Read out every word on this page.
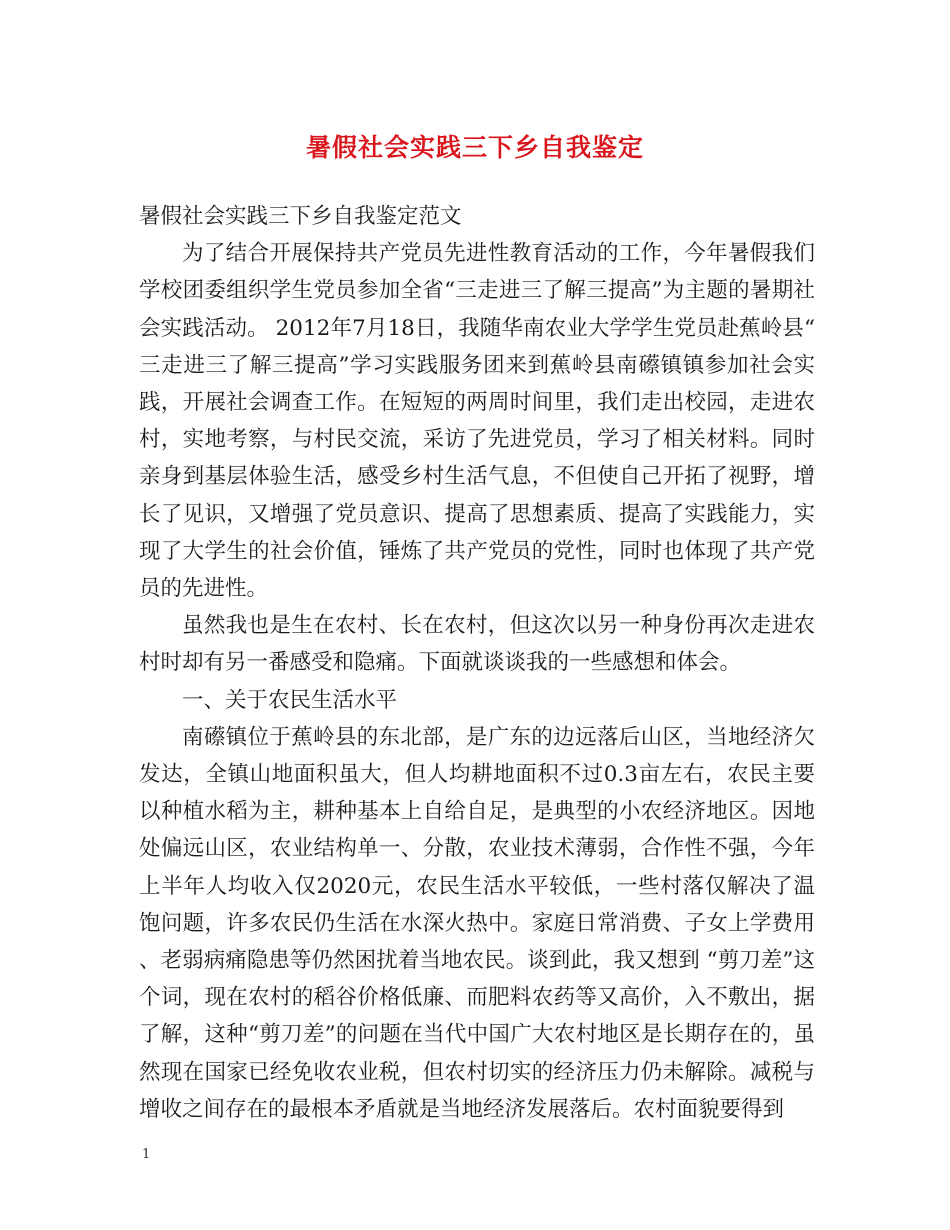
暑假社会实践三下乡自我鉴定

暑假社会实践三下乡自我鉴定范文

为了结合开展保持共产党员先进性教育活动的工作，今年暑假我们学校团委组织学生党员参加全省“三走进三了解三提高”为主题的暑期社会实践活动。 2012年7月18日，我随华南农业大学学生党员赴蕉岭县“三走进三了解三提高”学习实践服务团来到蕉岭县南礤镇镇参加社会实践，开展社会调查工作。在短短的两周时间里，我们走出校园，走进农村，实地考察，与村民交流，采访了先进党员，学习了相关材料。同时亲身到基层体验生活，感受乡村生活气息，不但使自己开拓了视野，增长了见识，又增强了党员意识、提高了思想素质、提高了实践能力，实现了大学生的社会价值，锤炼了共产党员的党性，同时也体现了共产党员的先进性。

虽然我也是生在农村、长在农村，但这次以另一种身份再次走进农村时却有另一番感受和隐痛。下面就谈谈我的一些感想和体会。

一、关于农民生活水平

南礤镇位于蕉岭县的东北部，是广东的边远落后山区，当地经济欠发达，全镇山地面积虽大，但人均耕地面积不过0.3亩左右，农民主要以种植水稻为主，耕种基本上自给自足，是典型的小农经济地区。因地处偏远山区，农业结构单一、分散，农业技术薄弱，合作性不强，今年上半年人均收入仅2020元，农民生活水平较低，一些村落仅解决了温饱问题，许多农民仍生活在水深火热中。家庭日常消费、子女上学费用、老弱病痛隐患等仍然困扰着当地农民。谈到此，我又想到 “剪刀差”这个词，现在农村的稻谷价格低廉、而肥料农药等又高价，入不敷出，据了解，这种“剪刀差”的问题在当代中国广大农村地区是长期存在的，虽然现在国家已经免收农业税，但农村切实的经济压力仍未解除。减税与增收之间存在的最根本矛盾就是当地经济发展落后。农村面貌要得到

1
